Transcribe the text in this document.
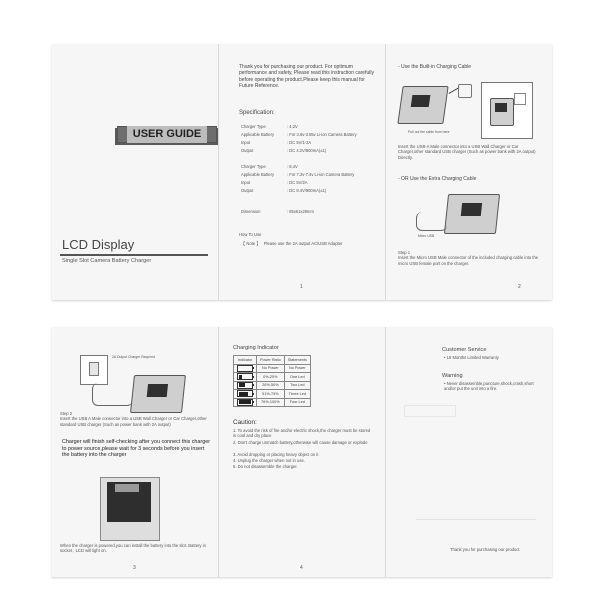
USER GUIDE
LCD Display
Single Slot Camera Battery Charger
Thank you for purchasing our product. For optimum performance and safety, Please read this instruction carefully before operating the product,Please keep this manual for Future Reference.
Specification:
Charger Type	: 4.2V
Applicable Battery	: For 3.6v-3.85v Li-ion Camera Battery
Input	: DC 5V/1-2A
Output	: DC 4.2V/800mA(±1)
Charger Type	: 8.4V
Applicable Battery	: For 7.2v-7.4v Li-ion Camera Battery
Input	: DC 5V/2A
Output	: DC 8.4V/900mA(±1)
Dimension	: 85x61x29mm
How To Use
【 Note 】 Please use the 2A output AC/USB Adapter
1
- Use the Built-in Charging Cable
Pull out the cable from here
Insert the USB-A Male connector into a USB Wall Charger or Car Charger,other standard USB charger (Such as power bank with 2A output) Directly.
- OR Use the Extra Charging Cable
Micro USB
Step 1
Insert the Micro USB Male connector of the included charging cable into the micro USB female port on the charger.
2
2A Output Charger Required
Step 2
Insert the USB A Male connector into a USB Wall Charger or Car Charger,other standard USB charger (Such as power bank with 2A output)
Charger will finish self-checking after you connect this charger to power source,please wait for 3 seconds before you insert the battery into the charger
When the charger is powered,you can install the battery into the slot. Battery in socket , LCD will light on.
3
Charging Indicator
Indicator	Power Ratio	Statements

	No Power	No Power

	0%-25%	One Led

	26%-50%	Two Led

	51%-75%	Three Led

	76%-100%	Four Led
Caution:
1. To avoid the risk of fire and/or electric shock,the charger must be stored in cool and dry place
2. Don't charge unmatch battery,otherwise will cause damage or explode
3. Avoid dropping or placing heavy object on it
4. Unplug the charger when not in use.
5. Do not disassemble the charger.
4
Customer Service
• 18 Months Limited Warranty
Warning
• Never disassemble,puncture,shock,crash,short and/or put the unit into a fire.
Thank you for purchasing our product
